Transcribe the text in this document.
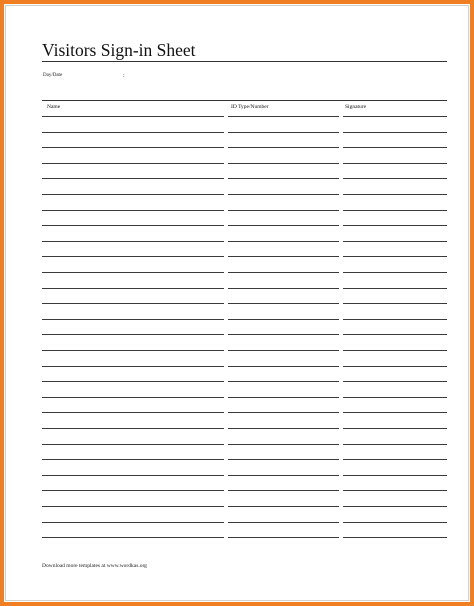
Visitors Sign-in Sheet
Day/Date	:
Name	ID Type/Number	Signature
Download more templates at www.wordkas.org
